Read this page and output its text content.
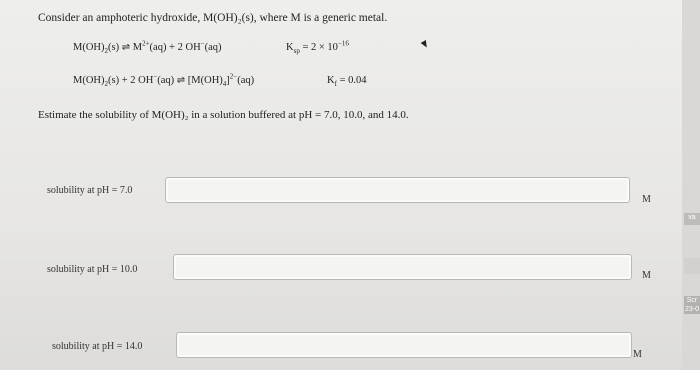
Consider an amphoteric hydroxide, M(OH)₂(s), where M is a generic metal.
$M(OH)_2(s)$ ⇌ $M^{2+}(aq) + 2$ OH−(aq)	$K_{sp} = 2 \times 10^{-16}$
$M(OH)_2(s) + 2$ OH−(aq) ⇌ $[M(OH)_4]^{2-}(aq)$	$K_f = 0.04$
Estimate the solubility of M(OH)₂ in a solution buffered at pH = 7.0, 10.0, and 14.0.
solubility at pH = 7.0
M
solubility at pH = 10.0
M
solubility at pH = 14.0
M
va
Scr
23-0
